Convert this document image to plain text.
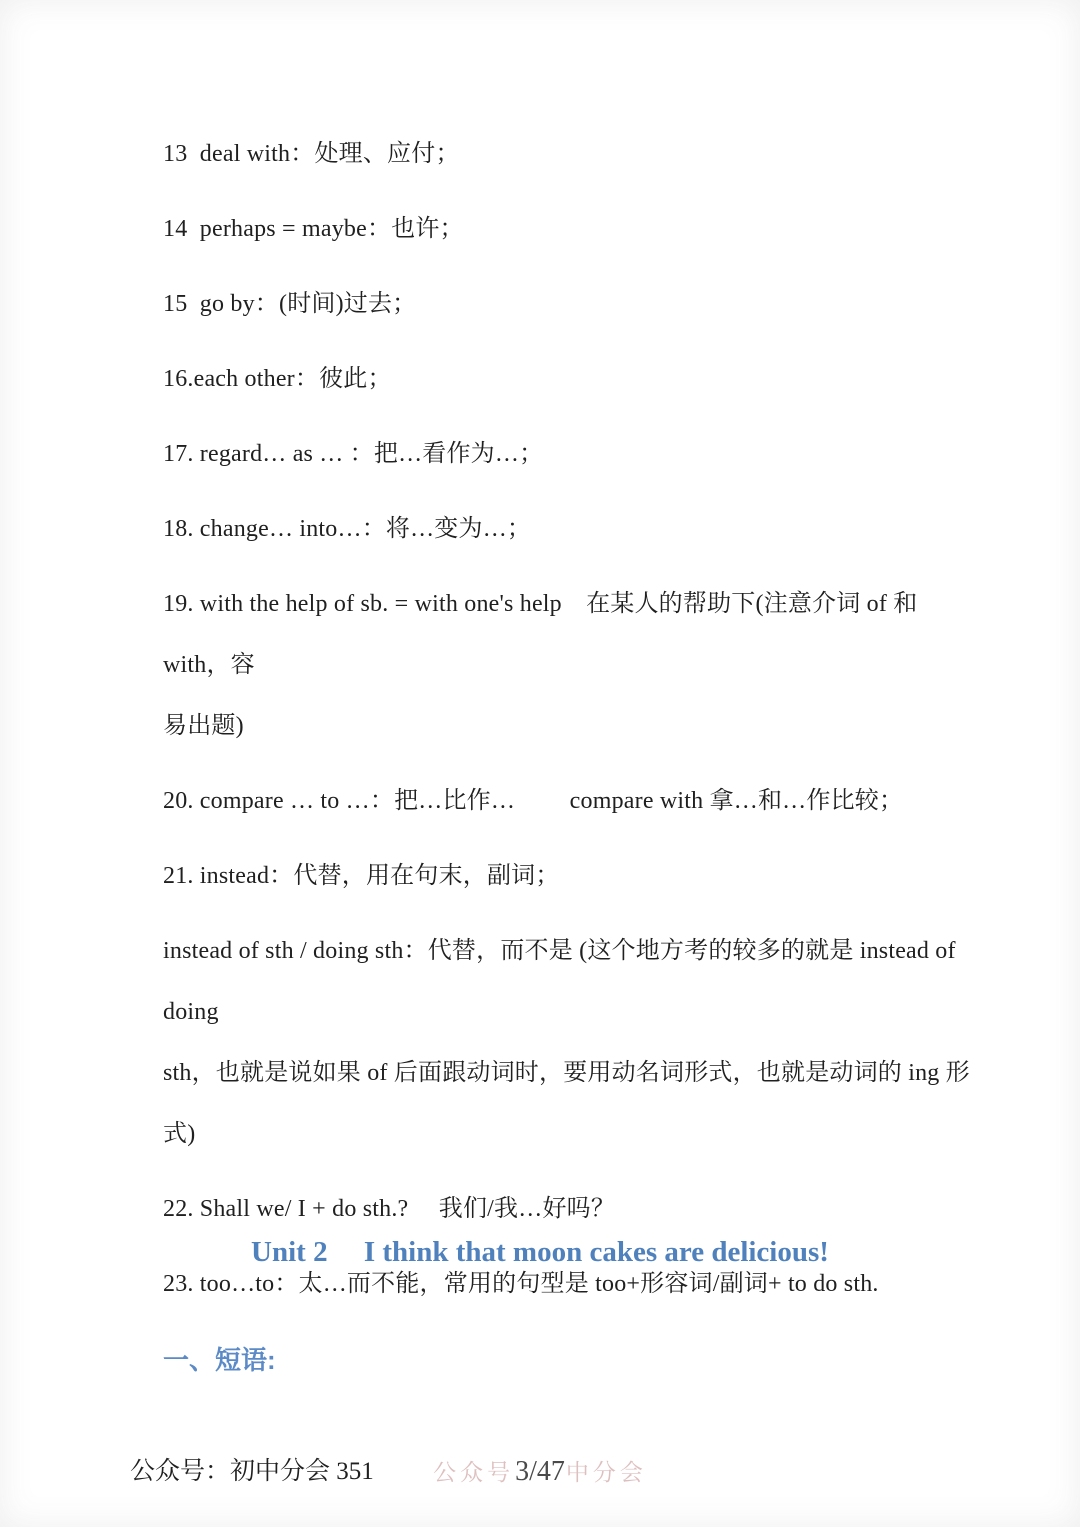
13  deal with：处理、应付；
14  perhaps = maybe：也许；
15  go by：(时间)过去；
16.each other：彼此；
17. regard… as … ：把…看作为…；
18. change… into…：将…变为…；
19. with the help of sb. = with one's help　在某人的帮助下(注意介词 of 和 with，容
易出题)
20. compare … to …：把…比作…　　 compare with 拿…和…作比较；
21. instead：代替，用在句末，副词；
instead of sth / doing sth：代替，而不是 (这个地方考的较多的就是 instead of doing
sth，也就是说如果 of 后面跟动词时，要用动名词形式，也就是动词的 ing 形式)
22. Shall we/ I + do sth.?　 我们/我…好吗？
23. too…to：太…而不能，常用的句型是 too+形容词/副词+ to do sth.
Unit 2　 I think that moon cakes are delicious!
一、短语:
公众号：初中分会 351	公众号3/47中分会
